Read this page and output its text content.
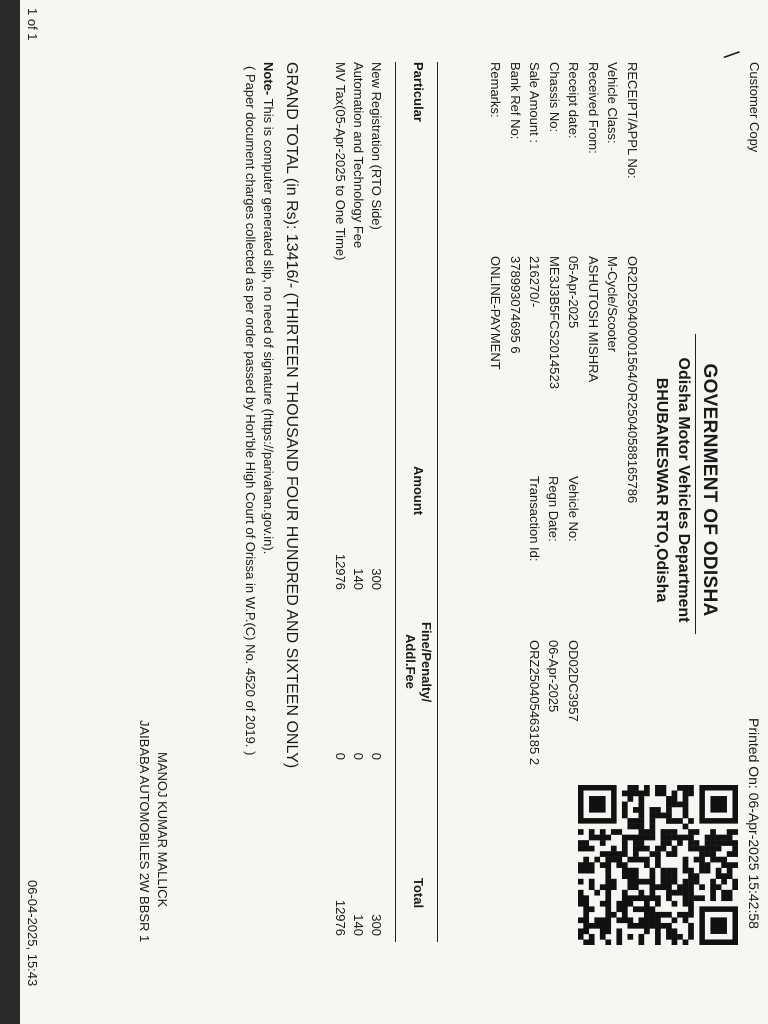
1 of 1
06-04-2025, 15:43
Customer Copy
/
Printed On: 06-Apr-2025 15:42:58
GOVERNMENT OF ODISHA
Odisha Motor Vehicles Department
BHUBANESWAR RTO,Odisha
RECEIPT/APPL No:
OR2D250400001564/OR25040588165786
Vehicle Class:
M-Cycle/Scooter
Received From:
ASHUTOSH MISHRA
Receipt date:
05-Apr-2025
Chassis No:
ME3J3B5FCS2014523
Sale Amount :
216270/-
Bank Ref No:
378993074695 6
Remarks:
ONLINE-PAYMENT
Vehicle No:
OD02DC3957
Regn Date:
06-Apr-2025
Transaction Id:
ORZ250405463185 2
Particular
Amount
Fine/Penalty/
Addl.Fee
Total
New Registration (RTO Side)
300
0
300
Automation and Technology Fee
140
0
140
MV Tax(05-Apr-2025 to One Time)
12976
0
12976
GRAND TOTAL (in Rs): 13416/- (THIRTEEN THOUSAND FOUR HUNDRED AND SIXTEEN ONLY)
Note- This is computer generated slip, no need of signature (https://parivahan.gov.in).
( Paper document charges collected as per order passed by Hon'ble High Court of Orissa in W.P.(C) No. 4520 of 2019. )
MANOJ KUMAR MALLICK
JAIBABA AUTOMOBILES 2W BBSR 1
